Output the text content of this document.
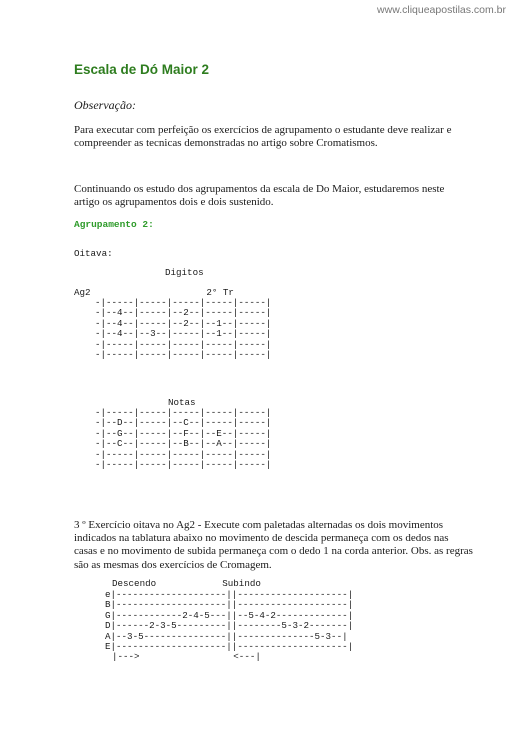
www.cliqueapostilas.com.br
Escala de Dó Maior 2
Observação:
Para executar com perfeição os exercícios de agrupamento o estudante deve realizar e compreender as tecnicas demonstradas no artigo sobre Cromatismos.
Continuando os estudo dos agrupamentos da escala de Do Maior, estudaremos neste artigo os agrupamentos dois e dois sustenido.
Agrupamento 2:
Oitava:
Digitos
Ag2                     2° Tr
-|-----|-----|-----|-----|-----|
-|--4--|-----|--2--|-----|-----|
-|--4--|-----|--2--|--1--|-----|
-|--4--|--3--|-----|--1--|-----|
-|-----|-----|-----|-----|-----|
-|-----|-----|-----|-----|-----|
Notas
-|-----|-----|-----|-----|-----|
-|--D--|-----|--C--|-----|-----|
-|--G--|-----|--F--|--E--|-----|
-|--C--|-----|--B--|--A--|-----|
-|-----|-----|-----|-----|-----|
-|-----|-----|-----|-----|-----|
3 º Exercício oitava no Ag2 - Execute com paletadas alternadas os dois movimentos indicados na tablatura abaixo no movimento de descida permaneça com os dedos nas casas e no movimento de subida permaneça com o dedo 1 na corda anterior. Obs. as regras são as mesmas dos exercícios de Cromagem.
Descendo            Subindo
e|--------------------||--------------------|
B|--------------------||--------------------|
G|------------2-4-5---||--5-4-2-------------|
D|------2-3-5---------||--------5-3-2-------|
A|--3-5---------------||--------------5-3--|
E|--------------------||--------------------|
|--->                 <---|
